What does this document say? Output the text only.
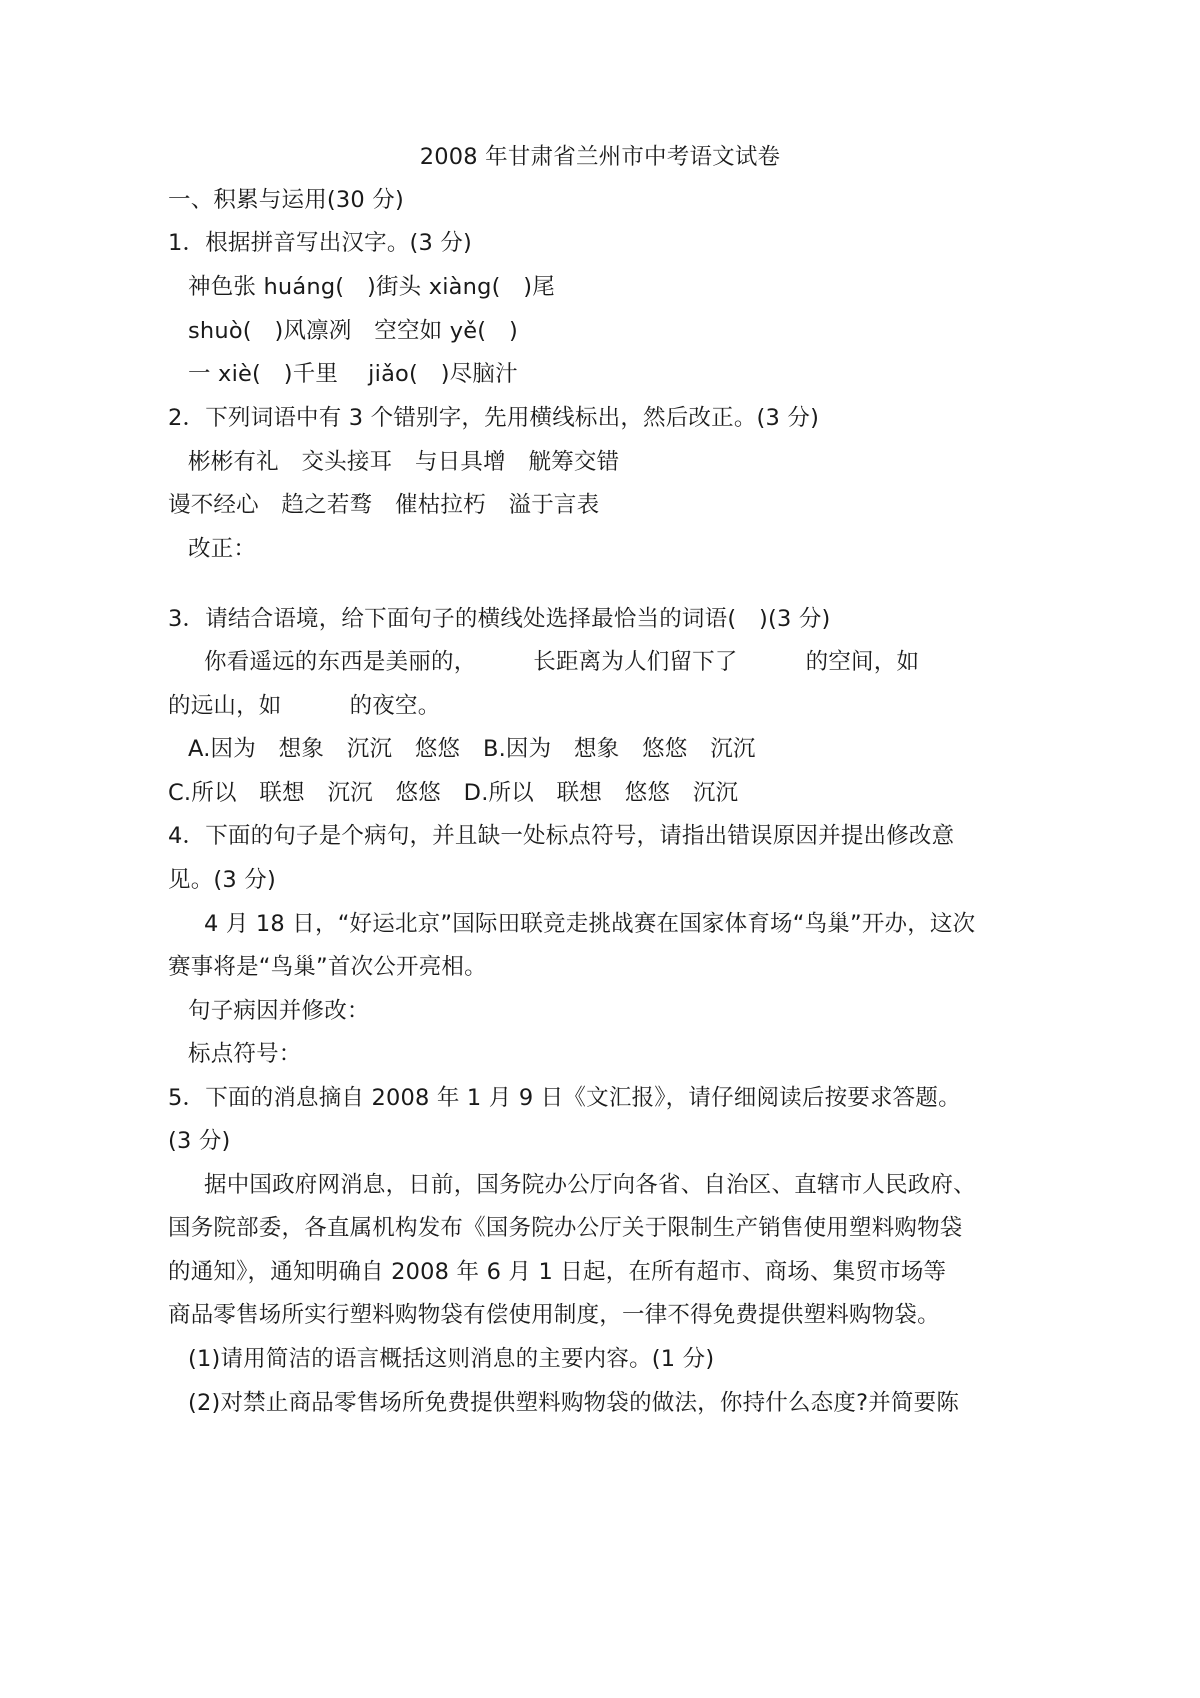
2008 年甘肃省兰州市中考语文试卷
一、积累与运用(30 分)
1．根据拼音写出汉字。(3 分)
神色张 huáng(　)街头 xiàng(　)尾
shuò(　)风凛冽　空空如 yě(　)
一 xiè(　)千里　 jiǎo(　)尽脑汁
2．下列词语中有 3 个错别字，先用横线标出，然后改正。(3 分)
彬彬有礼　交头接耳　与日具增　觥筹交错
谩不经心　趋之若骛　催枯拉朽　溢于言表
改正：
3．请结合语境，给下面句子的横线处选择最恰当的词语(　)(3 分)
你看遥远的东西是美丽的，　　　长距离为人们留下了　　　的空间，如
的远山，如　　　的夜空。
A.因为　想象　沉沉　悠悠　B.因为　想象　悠悠　沉沉
C.所以　联想　沉沉　悠悠　D.所以　联想　悠悠　沉沉
4．下面的句子是个病句，并且缺一处标点符号，请指出错误原因并提出修改意
见。(3 分)
4 月 18 日，“好运北京”国际田联竞走挑战赛在国家体育场“鸟巢”开办，这次
赛事将是“鸟巢”首次公开亮相。
句子病因并修改：
标点符号：
5．下面的消息摘自 2008 年 1 月 9 日《文汇报》，请仔细阅读后按要求答题。
(3 分)
据中国政府网消息，日前，国务院办公厅向各省、自治区、直辖市人民政府、
国务院部委，各直属机构发布《国务院办公厅关于限制生产销售使用塑料购物袋
的通知》，通知明确自 2008 年 6 月 1 日起，在所有超市、商场、集贸市场等
商品零售场所实行塑料购物袋有偿使用制度，一律不得免费提供塑料购物袋。
(1)请用简洁的语言概括这则消息的主要内容。(1 分)
(2)对禁止商品零售场所免费提供塑料购物袋的做法，你持什么态度?并简要陈
